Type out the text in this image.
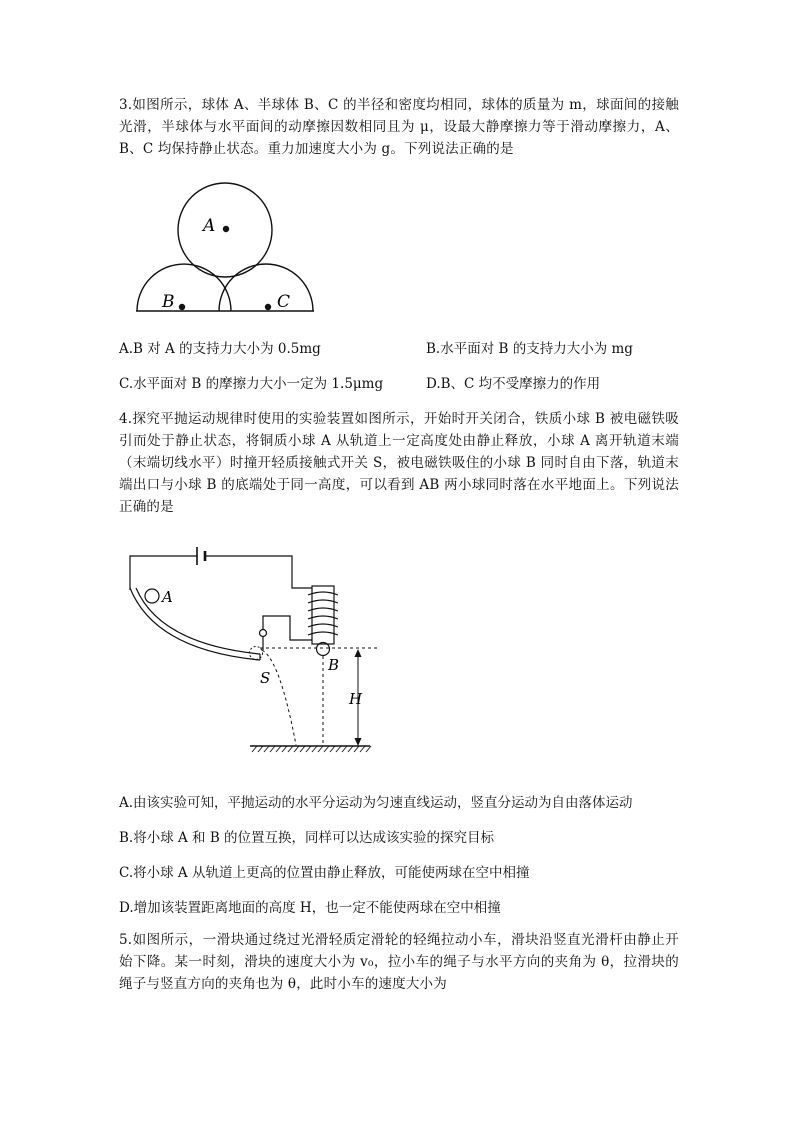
3.如图所示，球体 A、半球体 B、C 的半径和密度均相同，球体的质量为 m，球面间的接触光滑，半球体与水平面间的动摩擦因数相同且为 μ，设最大静摩擦力等于滑动摩擦力，A、B、C 均保持静止状态。重力加速度大小为 g。下列说法正确的是

A
B	C

A.B 对 A 的支持力大小为 0.5mg	B.水平面对 B 的支持力大小为 mg

C.水平面对 B 的摩擦力大小一定为 1.5μmg	D.B、C 均不受摩擦力的作用

4.探究平抛运动规律时使用的实验装置如图所示，开始时开关闭合，铁质小球 B 被电磁铁吸引而处于静止状态，将铜质小球 A 从轨道上一定高度处由静止释放，小球 A 离开轨道末端（末端切线水平）时撞开轻质接触式开关 S，被电磁铁吸住的小球 B 同时自由下落，轨道末端出口与小球 B 的底端处于同一高度，可以看到 AB 两小球同时落在水平地面上。下列说法正确的是

A
B
S
H

A.由该实验可知，平抛运动的水平分运动为匀速直线运动，竖直分运动为自由落体运动

B.将小球 A 和 B 的位置互换，同样可以达成该实验的探究目标

C.将小球 A 从轨道上更高的位置由静止释放，可能使两球在空中相撞

D.增加该装置距离地面的高度 H，也一定不能使两球在空中相撞

5.如图所示，一滑块通过绕过光滑轻质定滑轮的轻绳拉动小车，滑块沿竖直光滑杆由静止开始下降。某一时刻，滑块的速度大小为 v₀，拉小车的绳子与水平方向的夹角为 θ，拉滑块的绳子与竖直方向的夹角也为 θ，此时小车的速度大小为
